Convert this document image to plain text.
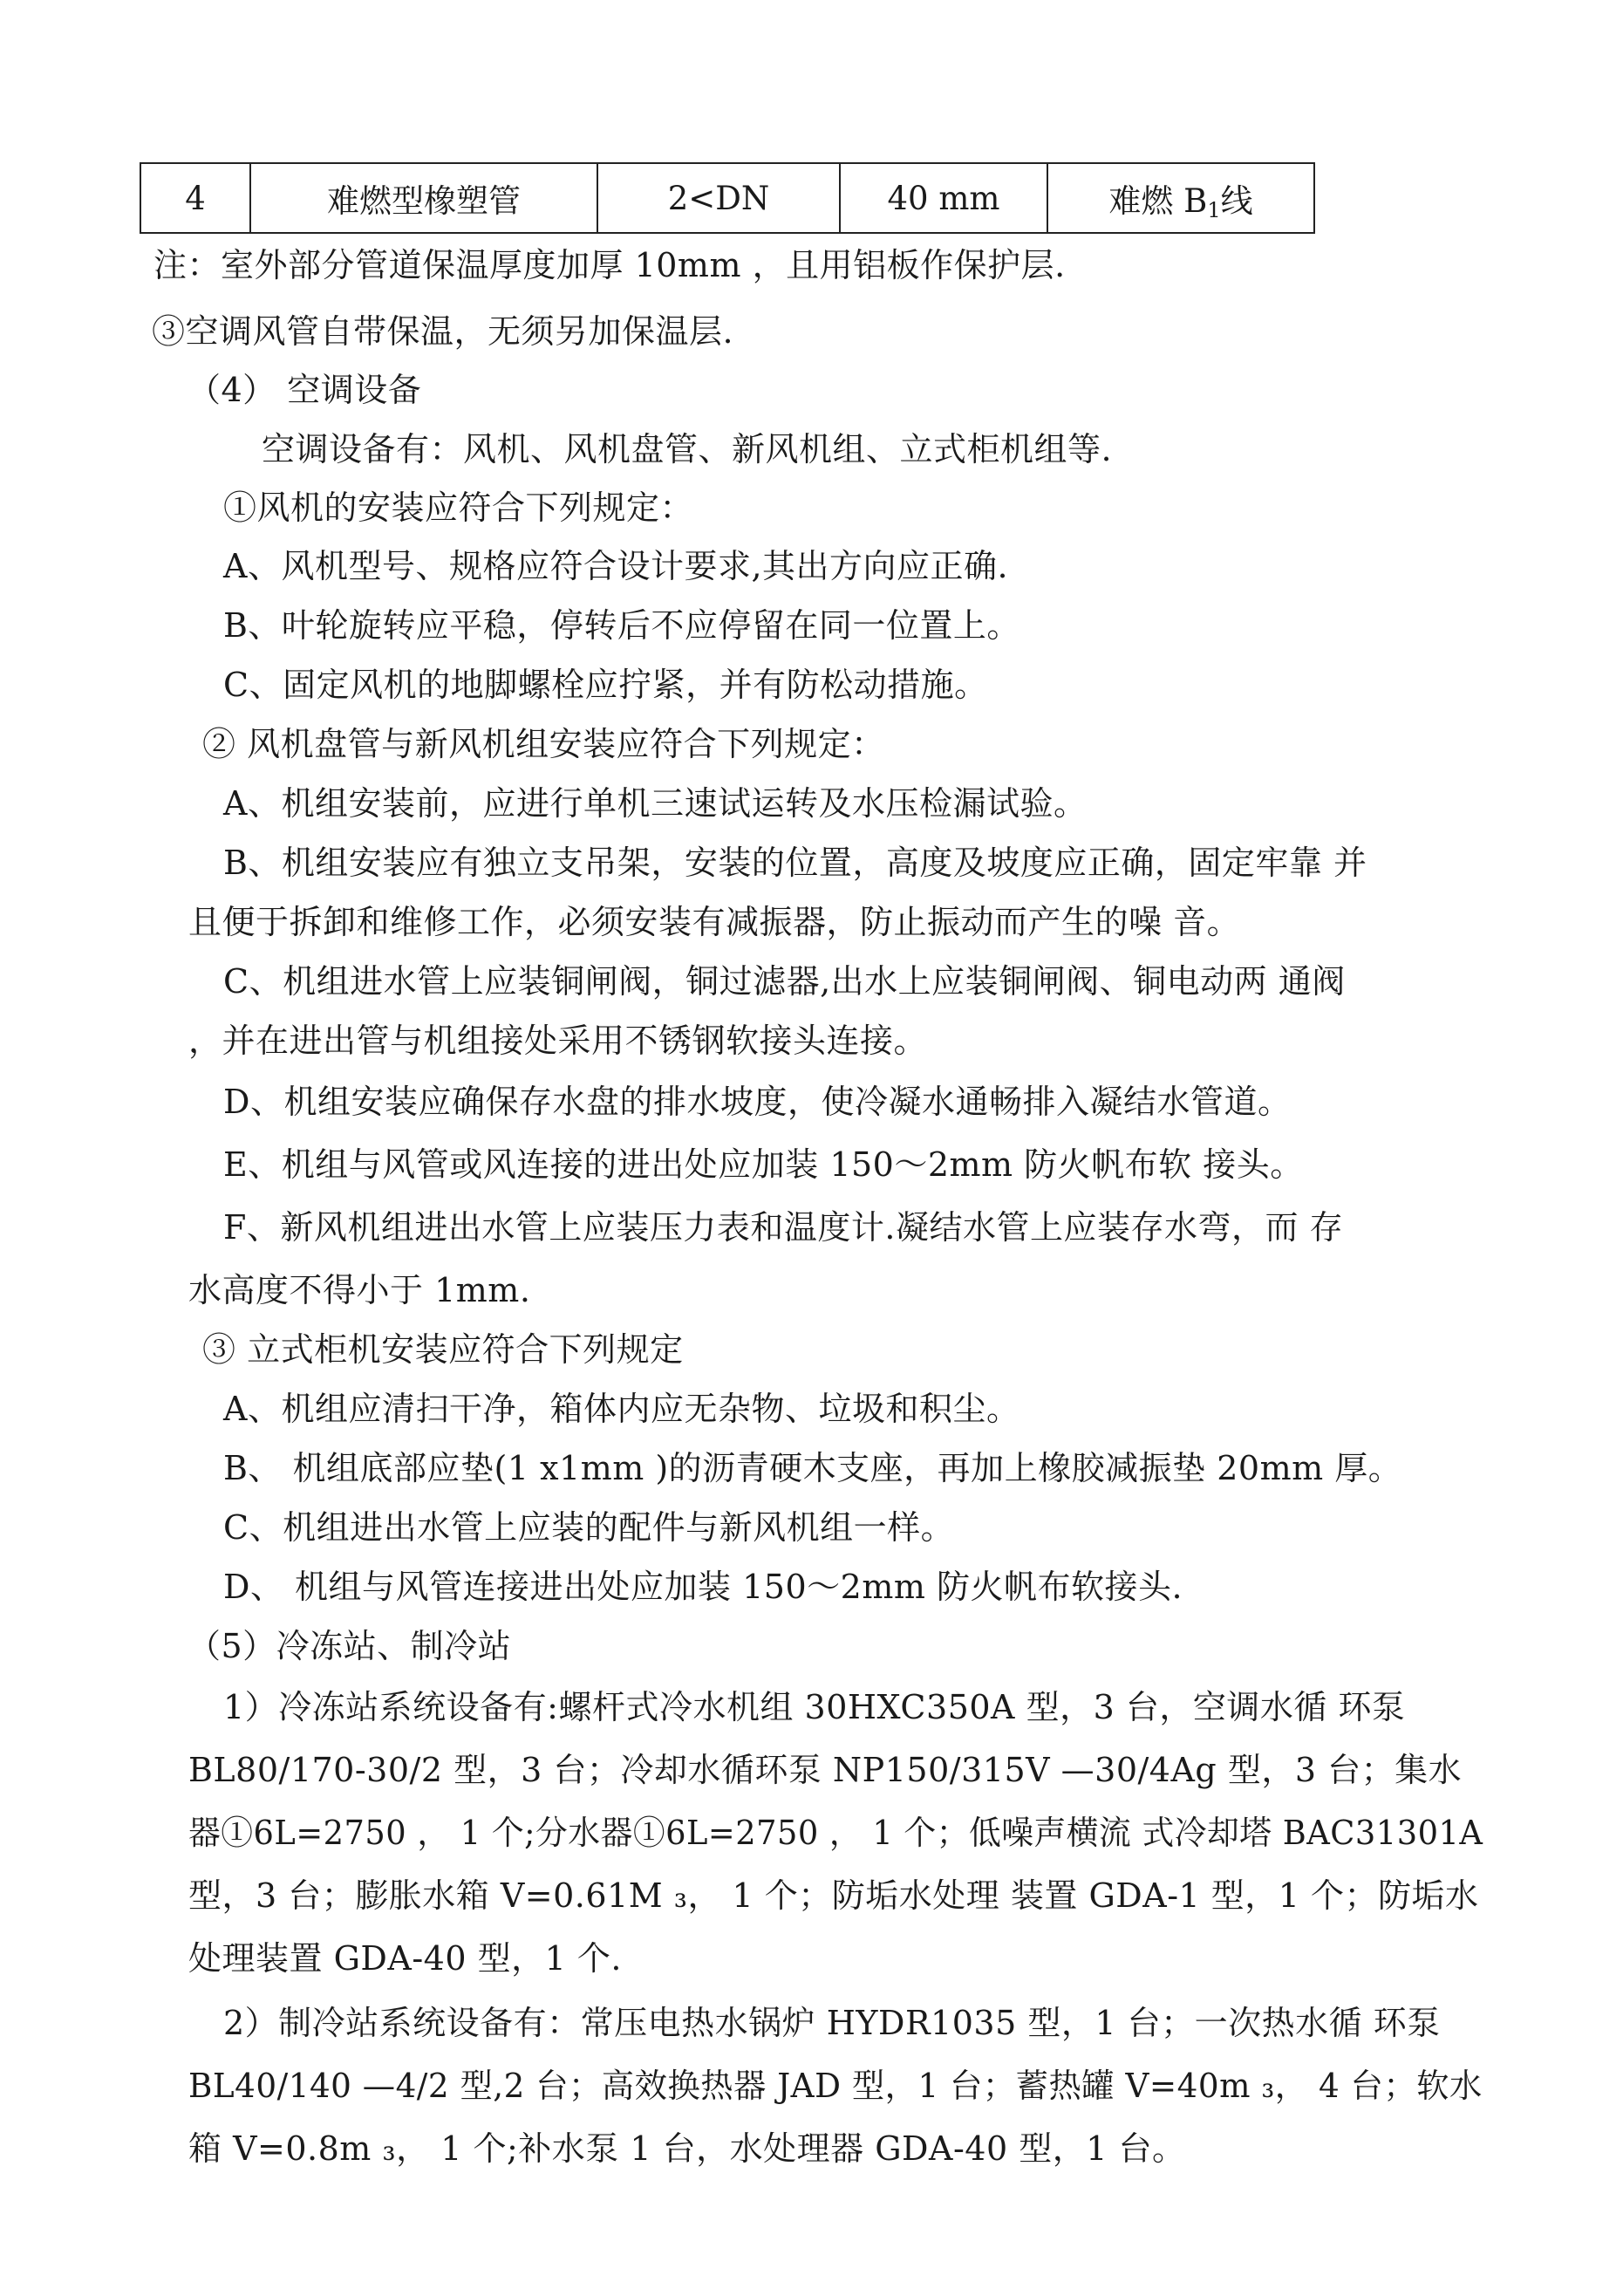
4	难燃型橡塑管	2<DN	40 mm	难燃 $B_1$线
注：室外部分管道保温厚度加厚 10mm ，且用铝板作保护层.
③空调风管自带保温，无须另加保温层.
（4） 空调设备
空调设备有：风机、风机盘管、新风机组、立式柜机组等.
①风机的安装应符合下列规定：
A、风机型号、规格应符合设计要求,其出方向应正确.
B、叶轮旋转应平稳，停转后不应停留在同一位置上。
C、固定风机的地脚螺栓应拧紧，并有防松动措施。
② 风机盘管与新风机组安装应符合下列规定：
A、机组安装前，应进行单机三速试运转及水压检漏试验。
B、机组安装应有独立支吊架，安装的位置，高度及坡度应正确，固定牢靠 并
且便于拆卸和维修工作，必须安装有减振器，防止振动而产生的噪 音。
C、机组进水管上应装铜闸阀，铜过滤器,出水上应装铜闸阀、铜电动两 通阀
，并在进出管与机组接处采用不锈钢软接头连接。
D、机组安装应确保存水盘的排水坡度，使冷凝水通畅排入凝结水管道。
E、机组与风管或风连接的进出处应加装 150〜2mm 防火帆布软 接头。
F、新风机组进出水管上应装压力表和温度计.凝结水管上应装存水弯，而 存
水高度不得小于 1mm.
③ 立式柜机安装应符合下列规定
A、机组应清扫干净，箱体内应无杂物、垃圾和积尘。
B、 机组底部应垫(1 x1mm )的沥青硬木支座，再加上橡胶减振垫 20mm 厚。
C、机组进出水管上应装的配件与新风机组一样。
D、 机组与风管连接进出处应加装 150〜2mm 防火帆布软接头.
（5）冷冻站、制冷站
1）冷冻站系统设备有:螺杆式冷水机组 30HXC350A 型，3 台，空调水循 环泵
BL80/170-30/2 型，3 台；冷却水循环泵 NP150/315V —30/4Ag 型，3 台；集水
器①6L=2750 ， 1 个;分水器①6L=2750 ， 1 个；低噪声横流 式冷却塔 BAC31301A
型，3 台；膨胀水箱 V=0.61M ₃， 1 个；防垢水处理 装置 GDA-1 型，1 个；防垢水
处理装置 GDA-40 型，1 个.
2）制冷站系统设备有：常压电热水锅炉 HYDR1035 型，1 台；一次热水循 环泵
BL40/140 —4/2 型,2 台；高效换热器 JAD 型，1 台；蓄热罐 V=40m ₃， 4 台；软水
箱 V=0.8m ₃， 1 个;补水泵 1 台，水处理器 GDA-40 型，1 台。
